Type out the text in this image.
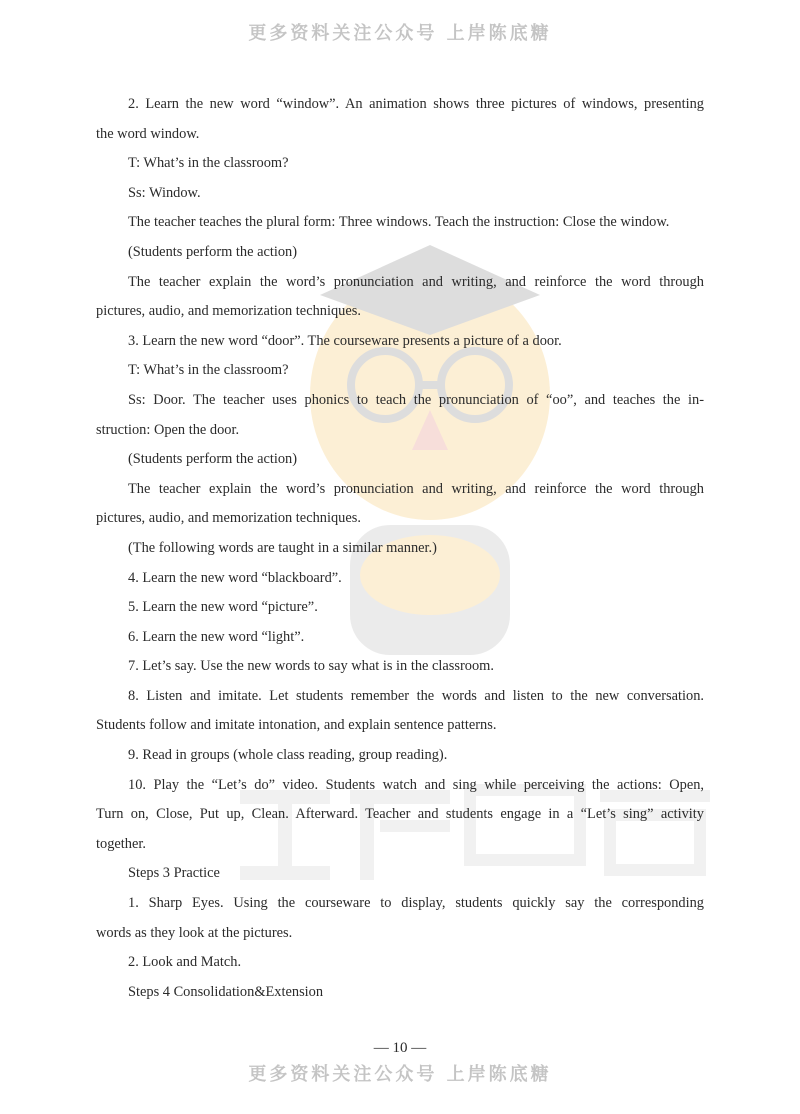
更多资料关注公众号 上岸陈底糖

2. Learn the new word “window”. An animation shows three pictures of windows, presenting

the word window.

T: What’s in the classroom?

Ss: Window.

The teacher teaches the plural form: Three windows. Teach the instruction: Close the window.

(Students perform the action)

The teacher explain the word’s pronunciation and writing, and reinforce the word through

pictures, audio, and memorization techniques.

3. Learn the new word “door”. The courseware presents a picture of a door.

T: What’s in the classroom?

Ss: Door. The teacher uses phonics to teach the pronunciation of “oo”, and teaches the in-

struction: Open the door.

(Students perform the action)

The teacher explain the word’s pronunciation and writing, and reinforce the word through

pictures, audio, and memorization techniques.

(The following words are taught in a similar manner.)

4. Learn the new word “blackboard”.

5. Learn the new word “picture”.

6. Learn the new word “light”.

7. Let’s say. Use the new words to say what is in the classroom.

8. Listen and imitate. Let students remember the words and listen to the new conversation.

Students follow and imitate intonation, and explain sentence patterns.

9. Read in groups (whole class reading, group reading).

10. Play the “Let’s do” video. Students watch and sing while perceiving the actions: Open,

Turn on, Close, Put up, Clean. Afterward. Teacher and students engage in a “Let’s sing” activity

together.

Steps 3 Practice

1. Sharp Eyes. Using the courseware to display, students quickly say the corresponding

words as they look at the pictures.

2. Look and Match.

Steps 4 Consolidation&Extension

— 10 —
更多资料关注公众号 上岸陈底糖
